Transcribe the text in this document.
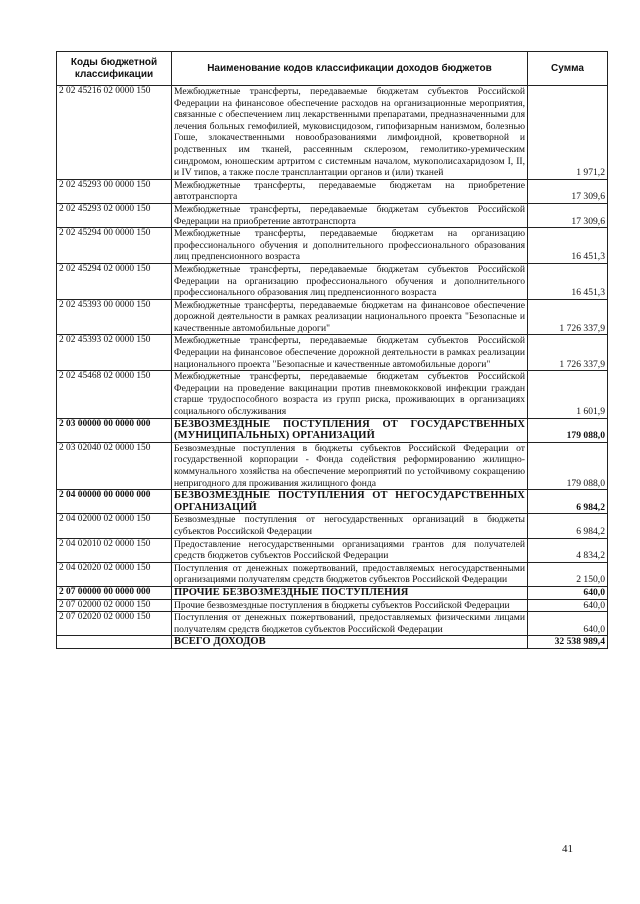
Коды бюджетной классификации	Наименование кодов классификации доходов бюджетов	Сумма
2 02 45216 02 0000 150	Межбюджетные трансферты, передаваемые бюджетам субъектов Российской Федерации на финансовое обеспечение расходов на организационные мероприятия, связанные с обеспечением лиц лекарственными препаратами, предназначенными для лечения больных гемофилией, муковисцидозом, гипофизарным нанизмом, болезнью Гоше, злокачественными новообразованиями лимфоидной, кроветворной и родственных им тканей, рассеянным склерозом, гемолитико-уремическим синдромом, юношеским артритом с системным началом, мукополисахаридозом I, II, и IV типов, а также после трансплантации органов и (или) тканей	1 971,2
2 02 45293 00 0000 150	Межбюджетные трансферты, передаваемые бюджетам на приобретение автотранспорта	17 309,6
2 02 45293 02 0000 150	Межбюджетные трансферты, передаваемые бюджетам субъектов Российской Федерации на приобретение автотранспорта	17 309,6
2 02 45294 00 0000 150	Межбюджетные трансферты, передаваемые бюджетам на организацию профессионального обучения и дополнительного профессионального образования лиц предпенсионного возраста	16 451,3
2 02 45294 02 0000 150	Межбюджетные трансферты, передаваемые бюджетам субъектов Российской Федерации на организацию профессионального обучения и дополнительного профессионального образования лиц предпенсионного возраста	16 451,3
2 02 45393 00 0000 150	Межбюджетные трансферты, передаваемые бюджетам на финансовое обеспечение дорожной деятельности в рамках реализации национального проекта "Безопасные и качественные автомобильные дороги"	1 726 337,9
2 02 45393 02 0000 150	Межбюджетные трансферты, передаваемые бюджетам субъектов Российской Федерации на финансовое обеспечение дорожной деятельности в рамках реализации национального проекта "Безопасные и качественные автомобильные дороги"	1 726 337,9
2 02 45468 02 0000 150	Межбюджетные трансферты, передаваемые бюджетам субъектов Российской Федерации на проведение вакцинации против пневмококковой инфекции граждан старше трудоспособного возраста из групп риска, проживающих в организациях социального обслуживания	1 601,9
2 03 00000 00 0000 000	БЕЗВОЗМЕЗДНЫЕ ПОСТУПЛЕНИЯ ОТ ГОСУДАРСТВЕННЫХ (МУНИЦИПАЛЬНЫХ) ОРГАНИЗАЦИЙ	179 088,0
2 03 02040 02 0000 150	Безвозмездные поступления в бюджеты субъектов Российской Федерации от государственной корпорации - Фонда содействия реформированию жилищно-коммунального хозяйства на обеспечение мероприятий по устойчивому сокращению непригодного для проживания жилищного фонда	179 088,0
2 04 00000 00 0000 000	БЕЗВОЗМЕЗДНЫЕ ПОСТУПЛЕНИЯ ОТ НЕГОСУДАРСТВЕННЫХ ОРГАНИЗАЦИЙ	6 984,2
2 04 02000 02 0000 150	Безвозмездные поступления от негосударственных организаций в бюджеты субъектов Российской Федерации	6 984,2
2 04 02010 02 0000 150	Предоставление негосударственными организациями грантов для получателей средств бюджетов субъектов Российской Федерации	4 834,2
2 04 02020 02 0000 150	Поступления от денежных пожертвований, предоставляемых негосударственными организациями получателям средств бюджетов субъектов Российской Федерации	2 150,0
2 07 00000 00 0000 000	ПРОЧИЕ БЕЗВОЗМЕЗДНЫЕ ПОСТУПЛЕНИЯ	640,0
2 07 02000 02 0000 150	Прочие безвозмездные поступления в бюджеты субъектов Российской Федерации	640,0
2 07 02020 02 0000 150	Поступления от денежных пожертвований, предоставляемых физическими лицами получателям средств бюджетов субъектов Российской Федерации	640,0
	ВСЕГО ДОХОДОВ	32 538 989,4
41
